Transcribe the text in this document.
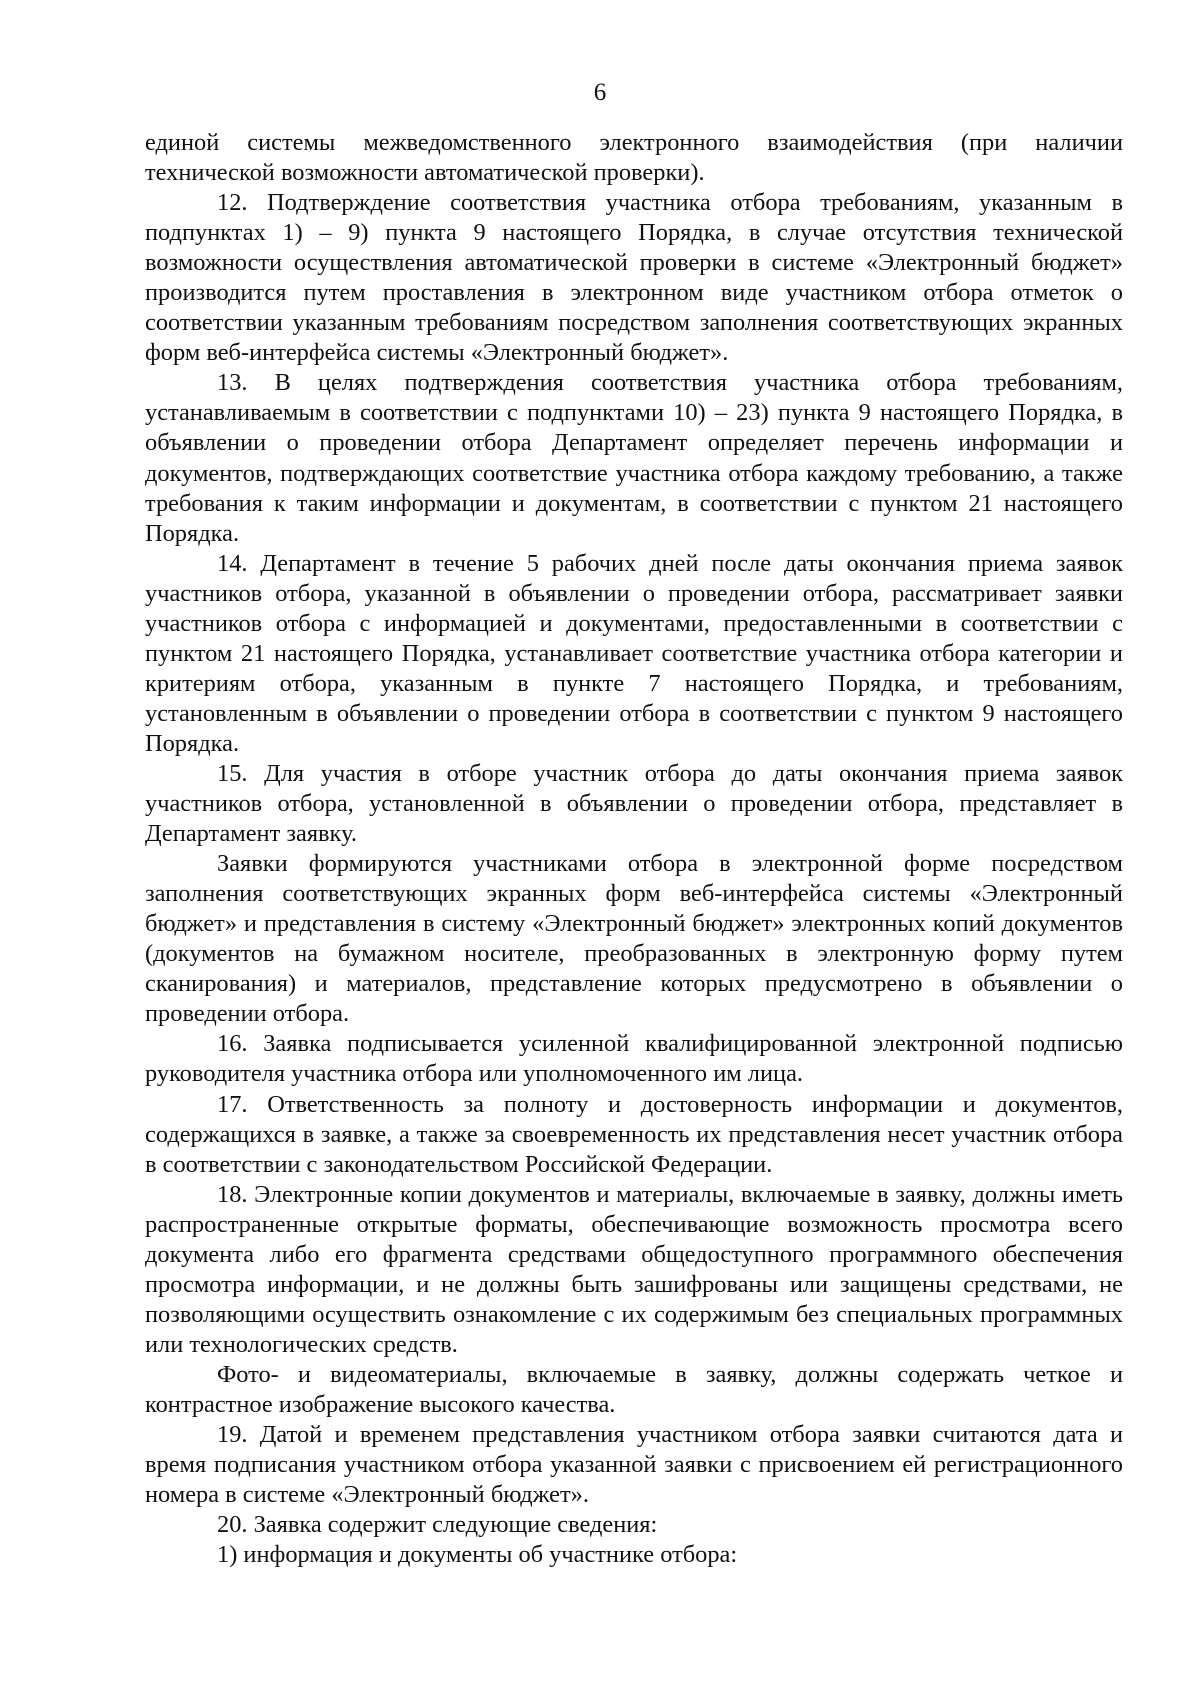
6

единой системы межведомственного электронного взаимодействия (при наличии технической возможности автоматической проверки).

12. Подтверждение соответствия участника отбора требованиям, указанным в подпунктах 1) – 9) пункта 9 настоящего Порядка, в случае отсутствия технической возможности осуществления автоматической проверки в системе «Электронный бюджет» производится путем проставления в электронном виде участником отбора отметок о соответствии указанным требованиям посредством заполнения соответствующих экранных форм веб-интерфейса системы «Электронный бюджет».

13. В целях подтверждения соответствия участника отбора требованиям, устанавливаемым в соответствии с подпунктами 10) – 23) пункта 9 настоящего Порядка, в объявлении о проведении отбора Департамент определяет перечень информации и документов, подтверждающих соответствие участника отбора каждому требованию, а также требования к таким информации и документам, в соответствии с пунктом 21 настоящего Порядка.

14. Департамент в течение 5 рабочих дней после даты окончания приема заявок участников отбора, указанной в объявлении о проведении отбора, рассматривает заявки участников отбора с информацией и документами, предоставленными в соответствии с пунктом 21 настоящего Порядка, устанавливает соответствие участника отбора категории и критериям отбора, указанным в пункте 7 настоящего Порядка, и требованиям, установленным в объявлении о проведении отбора в соответствии с пунктом 9 настоящего Порядка.

15. Для участия в отборе участник отбора до даты окончания приема заявок участников отбора, установленной в объявлении о проведении отбора, представляет в Департамент заявку.

Заявки формируются участниками отбора в электронной форме посредством заполнения соответствующих экранных форм веб-интерфейса системы «Электронный бюджет» и представления в систему «Электронный бюджет» электронных копий документов (документов на бумажном носителе, преобразованных в электронную форму путем сканирования) и материалов, представление которых предусмотрено в объявлении о проведении отбора.

16. Заявка подписывается усиленной квалифицированной электронной подписью руководителя участника отбора или уполномоченного им лица.

17. Ответственность за полноту и достоверность информации и документов, содержащихся в заявке, а также за своевременность их представления несет участник отбора в соответствии с законодательством Российской Федерации.

18. Электронные копии документов и материалы, включаемые в заявку, должны иметь распространенные открытые форматы, обеспечивающие возможность просмотра всего документа либо его фрагмента средствами общедоступного программного обеспечения просмотра информации, и не должны быть зашифрованы или защищены средствами, не позволяющими осуществить ознакомление с их содержимым без специальных программных или технологических средств.

Фото- и видеоматериалы, включаемые в заявку, должны содержать четкое и контрастное изображение высокого качества.

19. Датой и временем представления участником отбора заявки считаются дата и время подписания участником отбора указанной заявки с присвоением ей регистрационного номера в системе «Электронный бюджет».

20. Заявка содержит следующие сведения:

1) информация и документы об участнике отбора:
